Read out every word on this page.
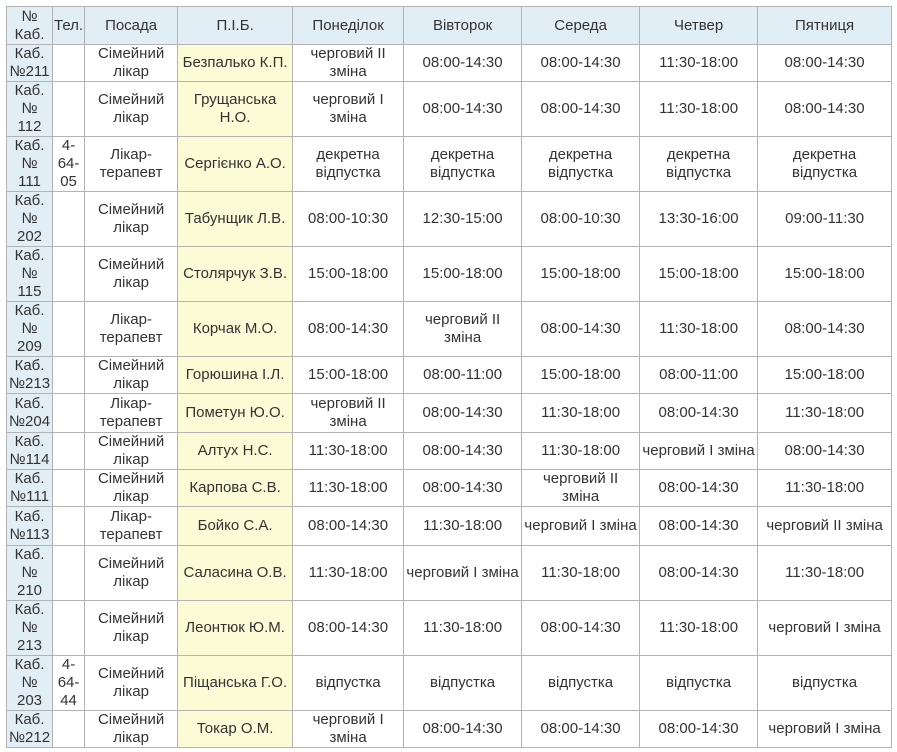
№ Каб.	Тел.	Посада	П.І.Б.	Понеділок	Вівторок	Середа	Четвер	Пятниця
Каб. №211		Сімейний лікар	Безпалько К.П.	черговий ІІ зміна	08:00-14:30	08:00-14:30	11:30-18:00	08:00-14:30
Каб. № 112		Сімейний лікар	Грущанська Н.О.	черговий І зміна	08:00-14:30	08:00-14:30	11:30-18:00	08:00-14:30
Каб. № 111	4-64-05	Лікар-терапевт	Сергієнко А.О.	декретна відпустка	декретна відпустка	декретна відпустка	декретна відпустка	декретна відпустка
Каб. № 202		Сімейний лікар	Табунщик Л.В.	08:00-10:30	12:30-15:00	08:00-10:30	13:30-16:00	09:00-11:30
Каб. № 115		Сімейний лікар	Столярчук З.В.	15:00-18:00	15:00-18:00	15:00-18:00	15:00-18:00	15:00-18:00
Каб. № 209		Лікар-терапевт	Корчак М.О.	08:00-14:30	черговий ІІ зміна	08:00-14:30	11:30-18:00	08:00-14:30
Каб. №213		Сімейний лікар	Горюшина І.Л.	15:00-18:00	08:00-11:00	15:00-18:00	08:00-11:00	15:00-18:00
Каб. №204		Лікар-терапевт	Пометун Ю.О.	черговий ІІ зміна	08:00-14:30	11:30-18:00	08:00-14:30	11:30-18:00
Каб. №114		Сімейний лікар	Алтух Н.С.	11:30-18:00	08:00-14:30	11:30-18:00	черговий І зміна	08:00-14:30
Каб. №111		Сімейний лікар	Карпова С.В.	11:30-18:00	08:00-14:30	черговий ІІ зміна	08:00-14:30	11:30-18:00
Каб. №113		Лікар-терапевт	Бойко С.А.	08:00-14:30	11:30-18:00	черговий І зміна	08:00-14:30	черговий ІІ зміна
Каб. № 210		Сімейний лікар	Саласина О.В.	11:30-18:00	черговий І зміна	11:30-18:00	08:00-14:30	11:30-18:00
Каб. № 213		Сімейний лікар	Леонтюк Ю.М.	08:00-14:30	11:30-18:00	08:00-14:30	11:30-18:00	черговий І зміна
Каб. № 203	4-64-44	Сімейний лікар	Піщанська Г.О.	відпустка	відпустка	відпустка	відпустка	відпустка
Каб. №212		Сімейний лікар	Токар О.М.	черговий І зміна	08:00-14:30	08:00-14:30	08:00-14:30	черговий І зміна
